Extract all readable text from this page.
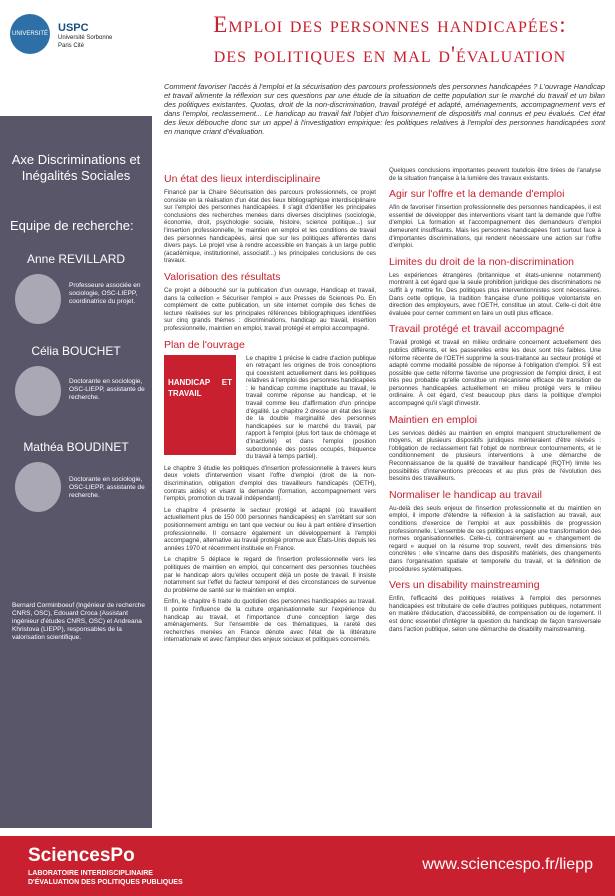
UNIVERSITÉ DE PARIS
USPC
Université Sorbonne
Paris Cité
Emploi des personnes handicapées:
des politiques en mal d'évaluation
Comment favoriser l'accès à l'emploi et la sécurisation des parcours professionnels des personnes handicapées ? L'ouvrage Handicap et travail alimente la réflexion sur ces questions par une étude de la situation de cette population sur le marché du travail et un bilan des politiques existantes. Quotas, droit de la non-discrimination, travail protégé et adapté, aménagements, accompagnement vers et dans l'emploi, reclassement... Le handicap au travail fait l'objet d'un foisonnement de dispositifs mal connus et peu évalués. Cet état des lieux débouche donc sur un appel à l'investigation empirique: les politiques relatives à l'emploi des personnes handicapées sont en manque criant d'évaluation.
Axe Discriminations et Inégalités Sociales
Equipe de recherche:
Anne REVILLARD
Professeure associée en sociologie, OSC-LIEPP, coordinatrice du projet.
Célia BOUCHET
Doctorante en sociologie, OSC-LIEPP, assistante de recherche.
Mathéa BOUDINET
Doctorante en sociologie, OSC-LIEPP, assistante de recherche.
Bernard Corminboeuf (Ingénieur de recherche CNRS, OSC), Edouard Croca (Assistant ingénieur d'études CNRS, OSC) et Andreana Khristova (LIEPP), responsables de la valorisation scientifique.
Un état des lieux interdisciplinaire

Financé par la Chaire Sécurisation des parcours professionnels, ce projet consiste en la réalisation d'un état des lieux bibliographique interdisciplinaire sur l'emploi des personnes handicapées. Il s'agit d'identifier les principales conclusions des recherches menées dans diverses disciplines (sociologie, économie, droit, psychologie sociale, histoire, science politique...) sur l'insertion professionnelle, le maintien en emploi et les conditions de travail des personnes handicapées, ainsi que sur les politiques afférentes dans divers pays. Le projet vise à rendre accessible en français à un large public (académique, institutionnel, associatif...) les principales conclusions de ces travaux.

Valorisation des résultats

Ce projet a débouché sur la publication d'un ouvrage, Handicap et travail, dans la collection « Sécuriser l'emploi » aux Presses de Sciences Po. En complément de cette publication, un site internet compile des fiches de lecture réalisées sur les principales références bibliographiques identifiées sur cinq grands thèmes : discriminations, handicap au travail, insertion professionnelle, maintien en emploi, travail protégé et emploi accompagné.

Plan de l'ouvrage
HANDICAP ET TRAVAIL

Le chapitre 1 précise le cadre d'action publique en retraçant les origines de trois conceptions qui coexistent actuellement dans les politiques relatives à l'emploi des personnes handicapées : le handicap comme inaptitude au travail, le travail comme réponse au handicap, et le travail comme lieu d'affirmation d'un principe d'égalité. Le chapitre 2 dresse un état des lieux de la double marginalité des personnes handicapées sur le marché du travail, par rapport à l'emploi (plus fort taux de chômage et d'inactivité) et dans l'emploi (position subordonnée des postes occupés, fréquence du travail à temps partiel).

Le chapitre 3 étudie les politiques d'insertion professionnelle à travers leurs deux volets d'intervention visant l'offre d'emploi (droit de la non-discrimination, obligation d'emploi des travailleurs handicapés (OETH), contrats aidés) et visant la demande (formation, accompagnement vers l'emploi, promotion du travail indépendant).

Le chapitre 4 présente le secteur protégé et adapté (où travaillent actuellement plus de 150 000 personnes handicapées) en s'arrêtant sur son positionnement ambigu en tant que vecteur ou lieu à part entière d'insertion professionnelle. Il consacre également un développement à l'emploi accompagné, alternative au travail protégé promue aux États-Unis depuis les années 1970 et récemment instituée en France.

Le chapitre 5 déplace le regard de l'insertion professionnelle vers les politiques de maintien en emploi, qui concernent des personnes touchées par le handicap alors qu'elles occupent déjà un poste de travail. Il insiste notamment sur l'effet du facteur temporel et des circonstances de survenue du problème de santé sur le maintien en emploi.

Enfin, le chapitre 6 traite du quotidien des personnes handicapées au travail. Il pointe l'influence de la culture organisationnelle sur l'expérience du handicap au travail, et l'importance d'une conception large des aménagements. Sur l'ensemble de ces thématiques, la rareté des recherches menées en France dénote avec l'état de la littérature internationale et avec l'ampleur des enjeux sociaux et politiques concernés.

Quelques conclusions importantes peuvent toutefois être tirées de l'analyse de la situation française à la lumière des travaux existants.

Agir sur l'offre et la demande d'emploi

Afin de favoriser l'insertion professionnelle des personnes handicapées, il est essentiel de développer des interventions visant tant la demande que l'offre d'emploi. La formation et l'accompagnement des demandeurs d'emploi demeurent insuffisants. Mais les personnes handicapées font surtout face à d'importantes discriminations, qui rendent nécessaire une action sur l'offre d'emploi.

Limites du droit de la non-discrimination

Les expériences étrangères (britannique et états-unienne notamment) montrent à cet égard que la seule prohibition juridique des discriminations ne suffit à y mettre fin. Des politiques plus interventionnistes sont nécessaires. Dans cette optique, la tradition française d'une politique volontariste en direction des employeurs, avec l'OETH, constitue un atout. Celle-ci doit être évaluée pour cerner comment en faire un outil plus efficace.

Travail protégé et travail accompagné

Travail protégé et travail en milieu ordinaire concernent actuellement des publics différents, et les passerelles entre les deux sont très faibles. Une réforme récente de l'OETH supprime la sous-traitance au secteur protégé et adapté comme modalité possible de réponse à l'obligation d'emploi. S'il est possible que cette réforme favorise une progression de l'emploi direct, il est très peu probable qu'elle constitue un mécanisme efficace de transition de personnes handicapées actuellement en milieu protégé vers le milieu ordinaire. À cet égard, c'est beaucoup plus dans la politique d'emploi accompagné qu'il s'agit d'investir.

Maintien en emploi

Les services dédiés au maintien en emploi manquent structurellement de moyens, et plusieurs dispositifs juridiques mériteraient d'être révisés : l'obligation de reclassement fait l'objet de nombreux contournements, et le conditionnement de plusieurs interventions à une démarche de Reconnaissance de la qualité de travailleur handicapé (RQTH) limite les possibilités d'interventions précoces et au plus près de l'évolution des besoins des travailleurs.

Normaliser le handicap au travail

Au-delà des seuls enjeux de l'insertion professionnelle et du maintien en emploi, il importe d'étendre la réflexion à la satisfaction au travail, aux conditions d'exercice de l'emploi et aux possibilités de progression professionnelle. L'ensemble de ces politiques engage une transformation des normes organisationnelles. Celle-ci, contrairement au « changement de regard » auquel on la résume trop souvent, revêt des dimensions très concrètes : elle s'incarne dans des dispositifs matériels, des changements dans l'organisation spatiale et temporelle du travail, et la définition de procédures systématiques.

Vers un disability mainstreaming

Enfin, l'efficacité des politiques relatives à l'emploi des personnes handicapées est tributaire de celle d'autres politiques publiques, notamment en matière d'éducation, d'accessibilité, de compensation ou de logement. Il est donc essentiel d'intégrer la question du handicap de façon transversale dans l'action publique, selon une démarche de disability mainstreaming.

SciencesPo
LABORATOIRE INTERDISCIPLINAIRE
D'ÉVALUATION DES POLITIQUES PUBLIQUES
www.sciencespo.fr/liepp
